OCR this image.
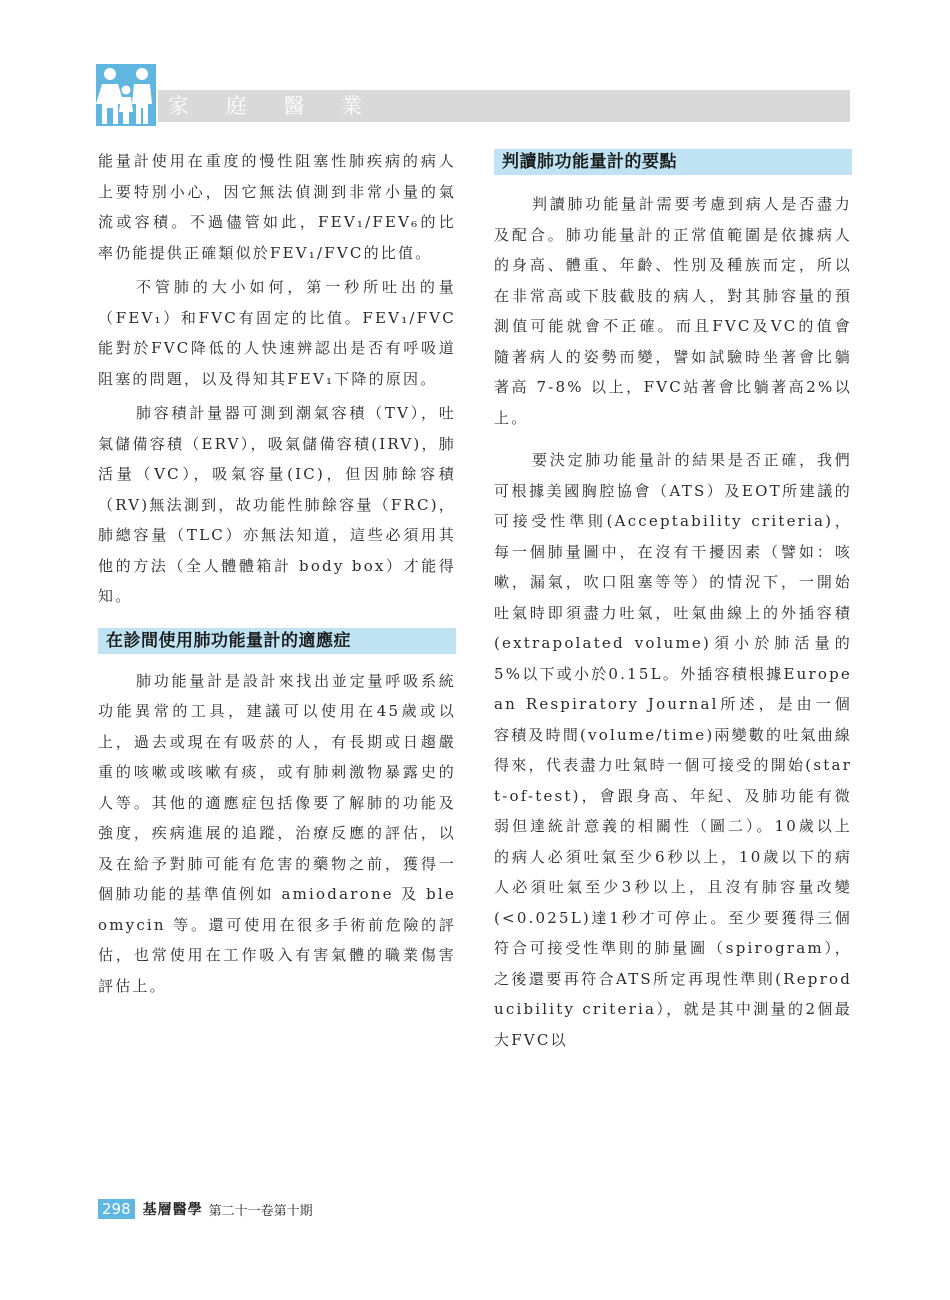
家 庭 醫 業

能量計使用在重度的慢性阻塞性肺疾病的病人上要特別小心，因它無法偵測到非常小量的氣流或容積。不過儘管如此，FEV₁/FEV₆的比率仍能提供正確類似於FEV₁/FVC的比值。

不管肺的大小如何，第一秒所吐出的量（FEV₁）和FVC有固定的比值。FEV₁/FVC能對於FVC降低的人快速辨認出是否有呼吸道阻塞的問題，以及得知其FEV₁下降的原因。

肺容積計量器可測到潮氣容積（TV），吐氣儲備容積（ERV），吸氣儲備容積(IRV)，肺活量（VC），吸氣容量(IC)，但因肺餘容積（RV)無法測到，故功能性肺餘容量（FRC)，肺總容量（TLC）亦無法知道，這些必須用其他的方法（全人體體箱計 body box）才能得知。

在診間使用肺功能量計的適應症

肺功能量計是設計來找出並定量呼吸系統功能異常的工具，建議可以使用在45歲或以上，過去或現在有吸菸的人，有長期或日趨嚴重的咳嗽或咳嗽有痰，或有肺刺激物暴露史的人等。其他的適應症包括像要了解肺的功能及強度，疾病進展的追蹤，治療反應的評估，以及在給予對肺可能有危害的藥物之前，獲得一個肺功能的基準值例如 amiodarone 及 bleomycin 等。還可使用在很多手術前危險的評估，也常使用在工作吸入有害氣體的職業傷害評估上。

判讀肺功能量計的要點

判讀肺功能量計需要考慮到病人是否盡力及配合。肺功能量計的正常值範圍是依據病人的身高、體重、年齡、性別及種族而定，所以在非常高或下肢截肢的病人，對其肺容量的預測值可能就會不正確。而且FVC及VC的值會隨著病人的姿勢而變，譬如試驗時坐著會比躺著高 7-8% 以上，FVC站著會比躺著高2%以上。

要決定肺功能量計的結果是否正確，我們可根據美國胸腔協會（ATS）及EOT所建議的可接受性準則(Acceptability criteria)，每一個肺量圖中，在沒有干擾因素（譬如：咳嗽，漏氣，吹口阻塞等等）的情況下，一開始吐氣時即須盡力吐氣，吐氣曲線上的外插容積(extrapolated volume)須小於肺活量的5%以下或小於0.15L。外插容積根據European Respiratory Journal所述，是由一個容積及時間(volume/time)兩變數的吐氣曲線得來，代表盡力吐氣時一個可接受的開始(start-of-test)，會跟身高、年紀、及肺功能有微弱但達統計意義的相關性（圖二）。10歲以上的病人必須吐氣至少6秒以上，10歲以下的病人必須吐氣至少3秒以上，且沒有肺容量改變(<0.025L)達1秒才可停止。至少要獲得三個符合可接受性準則的肺量圖（spirogram），之後還要再符合ATS所定再現性準則(Reproducibility criteria），就是其中測量的2個最大FVC以

298 基層醫學 第二十一卷第十期
